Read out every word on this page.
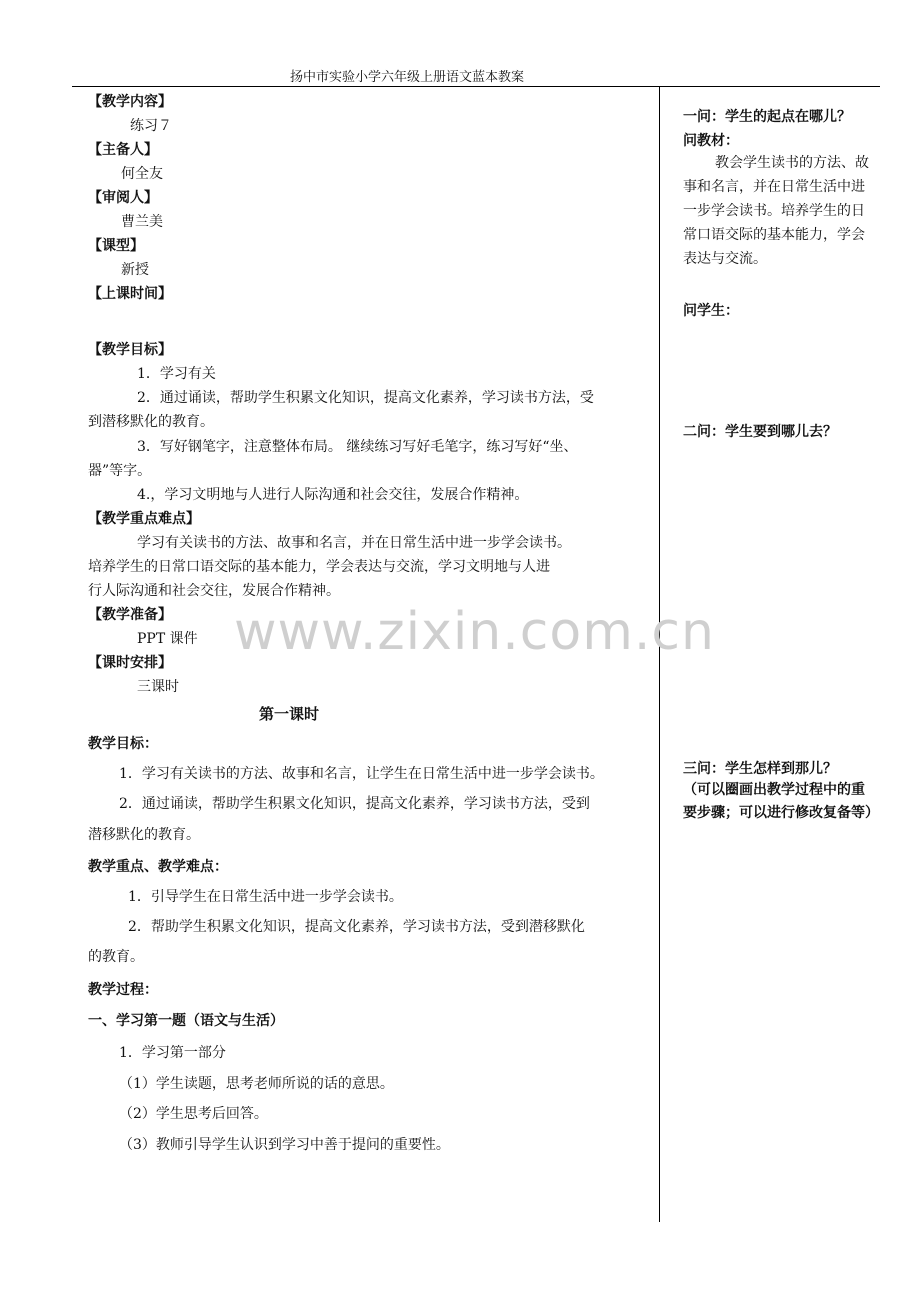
扬中市实验小学六年级上册语文蓝本教案
www.zixin.com.cn
【教学内容】
练习７
【主备人】
何全友
【审阅人】
曹兰美
【课型】
新授
【上课时间】
【教学目标】
1．学习有关
2．通过诵读，帮助学生积累文化知识，提高文化素养，学习读书方法，受
到潜移默化的教育。
3．写好钢笔字，注意整体布局。 继续练习写好毛笔字，练习写好“坐、
器”等字。
4.，学习文明地与人进行人际沟通和社会交往，发展合作精神。
【教学重点难点】
学习有关读书的方法、故事和名言，并在日常生活中进一步学会读书。
培养学生的日常口语交际的基本能力，学会表达与交流，学习文明地与人进
行人际沟通和社会交往，发展合作精神。
【教学准备】
PPT 课件
【课时安排】
三课时
第一课时
教学目标：
1．学习有关读书的方法、故事和名言，让学生在日常生活中进一步学会读书。
2．通过诵读，帮助学生积累文化知识，提高文化素养，学习读书方法，受到
潜移默化的教育。
教学重点、教学难点：
1．引导学生在日常生活中进一步学会读书。
2．帮助学生积累文化知识，提高文化素养，学习读书方法，受到潜移默化
的教育。
教学过程：
一、学习第一题（语文与生活）
1．学习第一部分
（1）学生读题，思考老师所说的话的意思。
（2）学生思考后回答。
（3）教师引导学生认识到学习中善于提问的重要性。
一问：学生的起点在哪儿？
问教材：
教会学生读书的方法、故事和名言，并在日常生活中进一步学会读书。培养学生的日常口语交际的基本能力，学会表达与交流。
问学生：
二问：学生要到哪儿去？
三问：学生怎样到那儿？
（可以圈画出教学过程中的重要步骤；可以进行修改复备等）
